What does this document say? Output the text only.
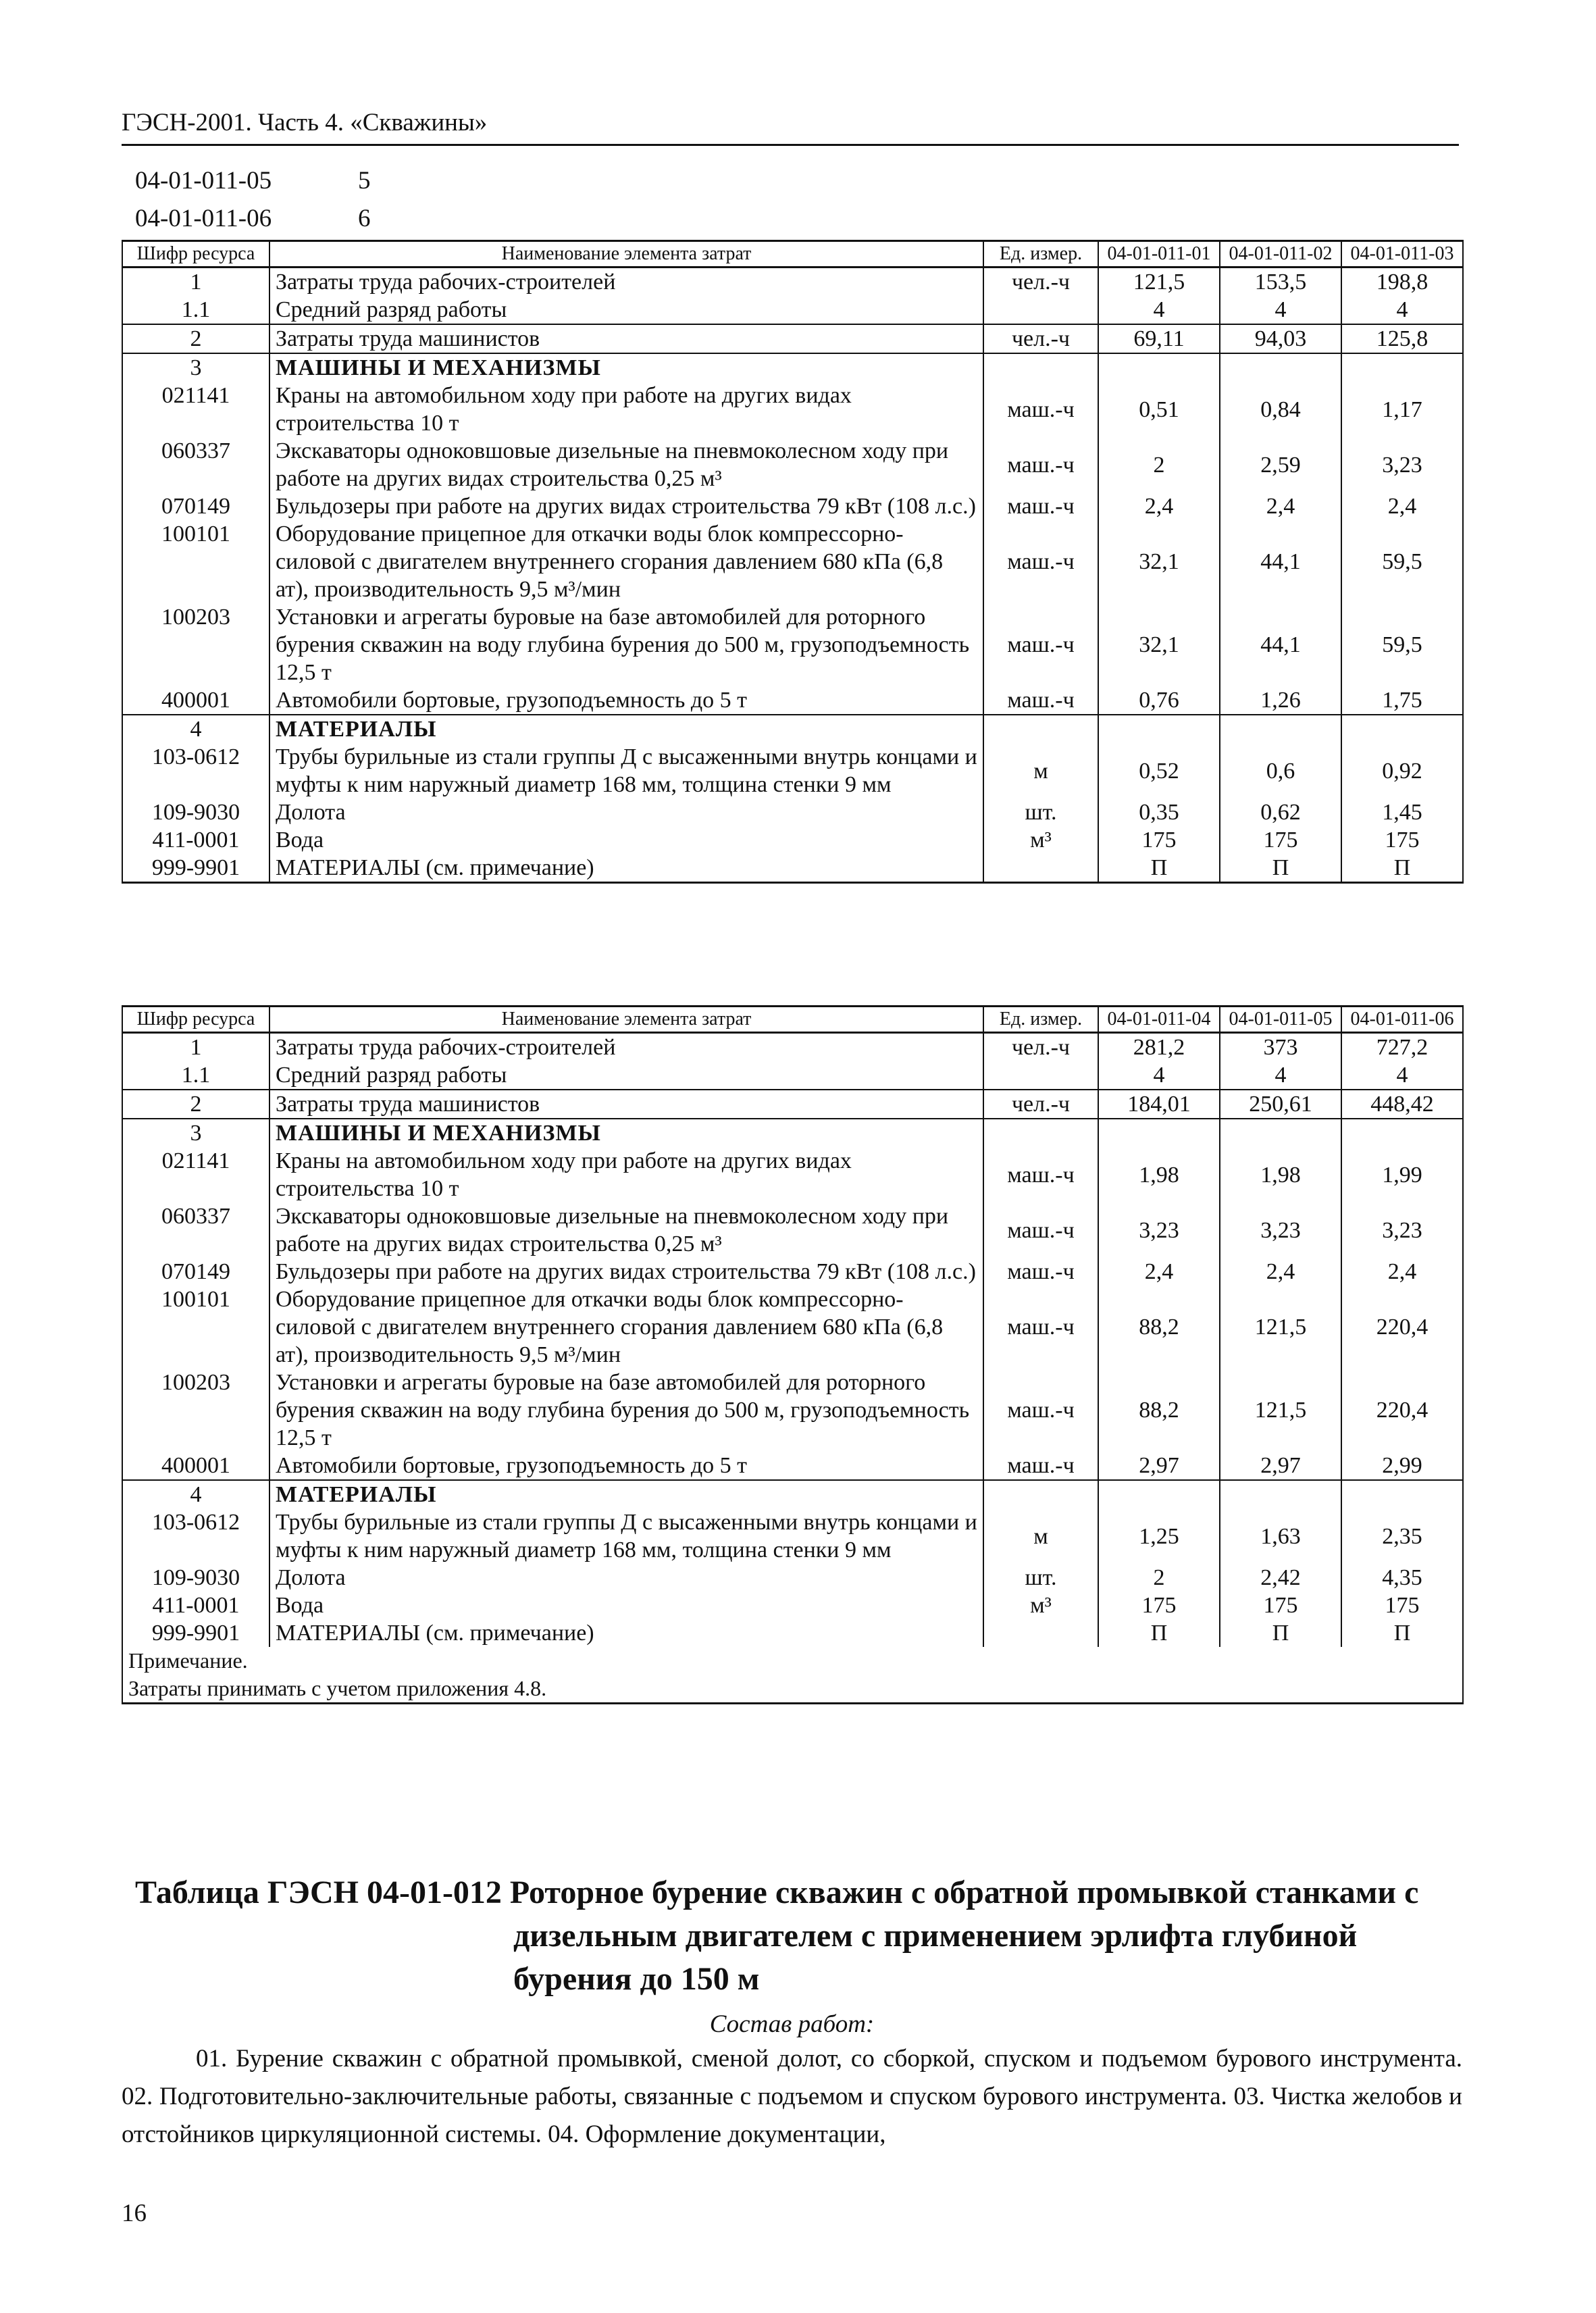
ГЭСН-2001. Часть 4. «Скважины»
04-01-011-05	5
04-01-011-06	6
Шифр ресурса	Наименование элемента затрат	Ед. измер.	04-01-011-01	04-01-011-02	04-01-011-03
1	Затраты труда рабочих-строителей	чел.-ч	121,5	153,5	198,8
1.1	Средний разряд работы		4	4	4
2	Затраты труда машинистов	чел.-ч	69,11	94,03	125,8
3	МАШИНЫ И МЕХАНИЗМЫ				
021141	Краны на автомобильном ходу при работе на других видах строительства 10 т	маш.-ч	0,51	0,84	1,17
060337	Экскаваторы одноковшовые дизельные на пневмоколесном ходу при работе на других видах строительства 0,25 м³	маш.-ч	2	2,59	3,23
070149	Бульдозеры при работе на других видах строительства 79 кВт (108 л.с.)	маш.-ч	2,4	2,4	2,4
100101	Оборудование прицепное для откачки воды блок компрессорно-силовой с двигателем внутреннего сгорания давлением 680 кПа (6,8 ат), производительность 9,5 м³/мин	маш.-ч	32,1	44,1	59,5
100203	Установки и агрегаты буровые на базе автомобилей для роторного бурения скважин на воду глубина бурения до 500 м, грузоподъемность 12,5 т	маш.-ч	32,1	44,1	59,5
400001	Автомобили бортовые, грузоподъемность до 5 т	маш.-ч	0,76	1,26	1,75
4	МАТЕРИАЛЫ				
103-0612	Трубы бурильные из стали группы Д с высаженными внутрь концами и муфты к ним наружный диаметр 168 мм, толщина стенки 9 мм	м	0,52	0,6	0,92
109-9030	Долота	шт.	0,35	0,62	1,45
411-0001	Вода	м³	175	175	175
999-9901	МАТЕРИАЛЫ (см. примечание)		П	П	П
Шифр ресурса	Наименование элемента затрат	Ед. измер.	04-01-011-04	04-01-011-05	04-01-011-06
1	Затраты труда рабочих-строителей	чел.-ч	281,2	373	727,2
1.1	Средний разряд работы		4	4	4
2	Затраты труда машинистов	чел.-ч	184,01	250,61	448,42
3	МАШИНЫ И МЕХАНИЗМЫ				
021141	Краны на автомобильном ходу при работе на других видах строительства 10 т	маш.-ч	1,98	1,98	1,99
060337	Экскаваторы одноковшовые дизельные на пневмоколесном ходу при работе на других видах строительства 0,25 м³	маш.-ч	3,23	3,23	3,23
070149	Бульдозеры при работе на других видах строительства 79 кВт (108 л.с.)	маш.-ч	2,4	2,4	2,4
100101	Оборудование прицепное для откачки воды блок компрессорно-силовой с двигателем внутреннего сгорания давлением 680 кПа (6,8 ат), производительность 9,5 м³/мин	маш.-ч	88,2	121,5	220,4
100203	Установки и агрегаты буровые на базе автомобилей для роторного бурения скважин на воду глубина бурения до 500 м, грузоподъемность 12,5 т	маш.-ч	88,2	121,5	220,4
400001	Автомобили бортовые, грузоподъемность до 5 т	маш.-ч	2,97	2,97	2,99
4	МАТЕРИАЛЫ				
103-0612	Трубы бурильные из стали группы Д с высаженными внутрь концами и муфты к ним наружный диаметр 168 мм, толщина стенки 9 мм	м	1,25	1,63	2,35
109-9030	Долота	шт.	2	2,42	4,35
411-0001	Вода	м³	175	175	175
999-9901	МАТЕРИАЛЫ (см. примечание)		П	П	П

Примечание.
Затраты принимать с учетом приложения 4.8.					
Таблица ГЭСН 04-01-012 Роторное бурение скважин с обратной промывкой станками с
дизельным двигателем с применением эрлифта глубиной
бурения до 150 м
Состав работ:
01. Бурение скважин с обратной промывкой, сменой долот, со сборкой, спуском и подъемом бурового инструмента. 02. Подготовительно-заключительные работы, связанные с подъемом и спуском бурового инструмента. 03. Чистка желобов и отстойников циркуляционной системы. 04. Оформление документации,
16
